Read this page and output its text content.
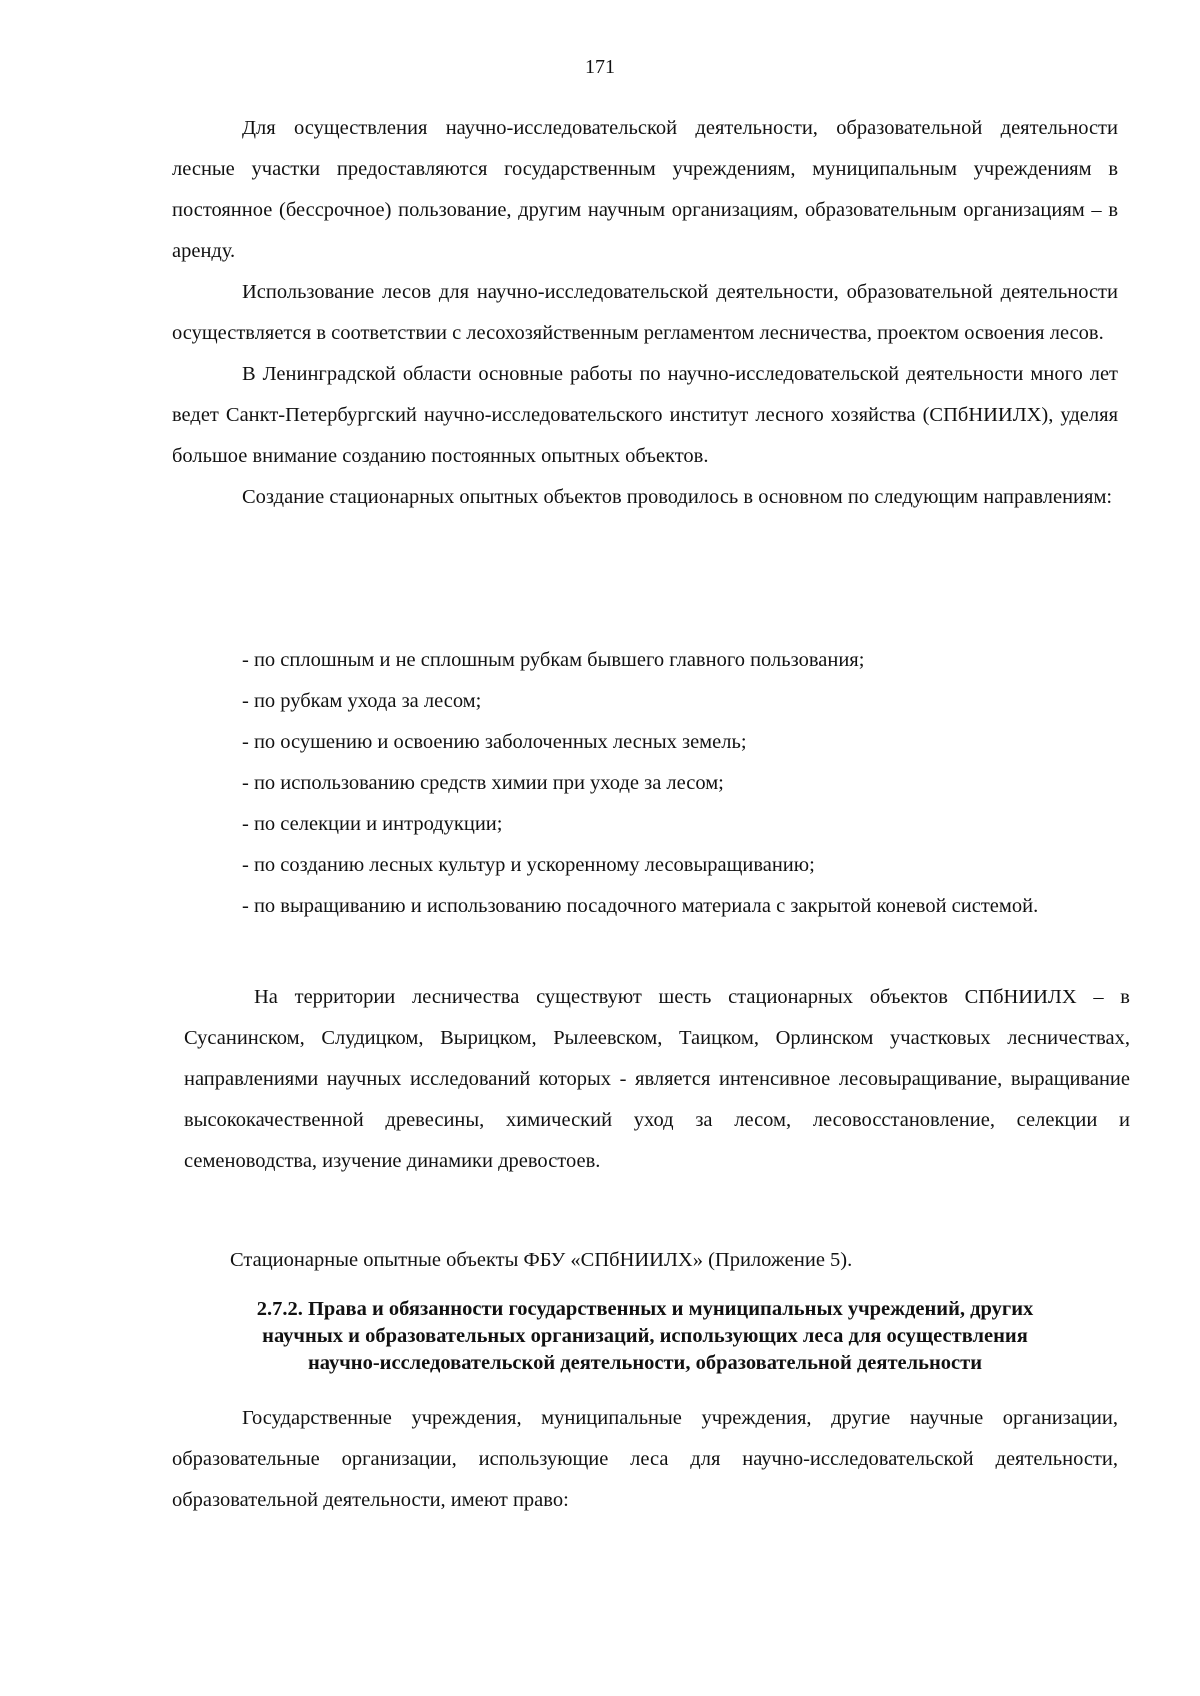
171

Для осуществления научно-исследовательской деятельности, образовательной деятельности лесные участки предоставляются государственным учреждениям, муниципальным учреждениям в постоянное (бессрочное) пользование, другим научным организациям, образовательным организациям – в аренду.

Использование лесов для научно-исследовательской деятельности, образовательной деятельности осуществляется в соответствии с лесохозяйственным регламентом лесничества, проектом освоения лесов.

В Ленинградской области основные работы по научно-исследовательской деятельности много лет ведет Санкт-Петербургский научно-исследовательского институт лесного хозяйства (СПбНИИЛХ), уделяя большое внимание созданию постоянных опытных объектов.

Создание стационарных опытных объектов проводилось в основном по следующим направлениям:

- по сплошным и не сплошным рубкам бывшего главного пользования;

- по рубкам ухода за лесом;

- по осушению и освоению заболоченных лесных земель;

- по использованию средств химии при уходе за лесом;

- по селекции и интродукции;

- по созданию лесных культур и ускоренному лесовыращиванию;

- по выращиванию и использованию посадочного материала с закрытой коневой системой.

На территории лесничества существуют шесть стационарных объектов СПбНИИЛХ – в Сусанинском, Слудицком, Вырицком, Рылеевском, Таицком, Орлинском участковых лесничествах, направлениями научных исследований которых - является интенсивное лесовыращивание, выращивание высококачественной древесины, химический уход за лесом, лесовосстановление, селекции и семеноводства, изучение динамики древостоев.

Стационарные опытные объекты ФБУ «СПбНИИЛХ» (Приложение 5).
2.7.2. Права и обязанности государственных и муниципальных учреждений, других
научных и образовательных организаций, использующих леса для осуществления
научно-исследовательской деятельности, образовательной деятельности

Государственные учреждения, муниципальные учреждения, другие научные организации, образовательные организации, использующие леса для научно-исследовательской деятельности, образовательной деятельности, имеют право:
